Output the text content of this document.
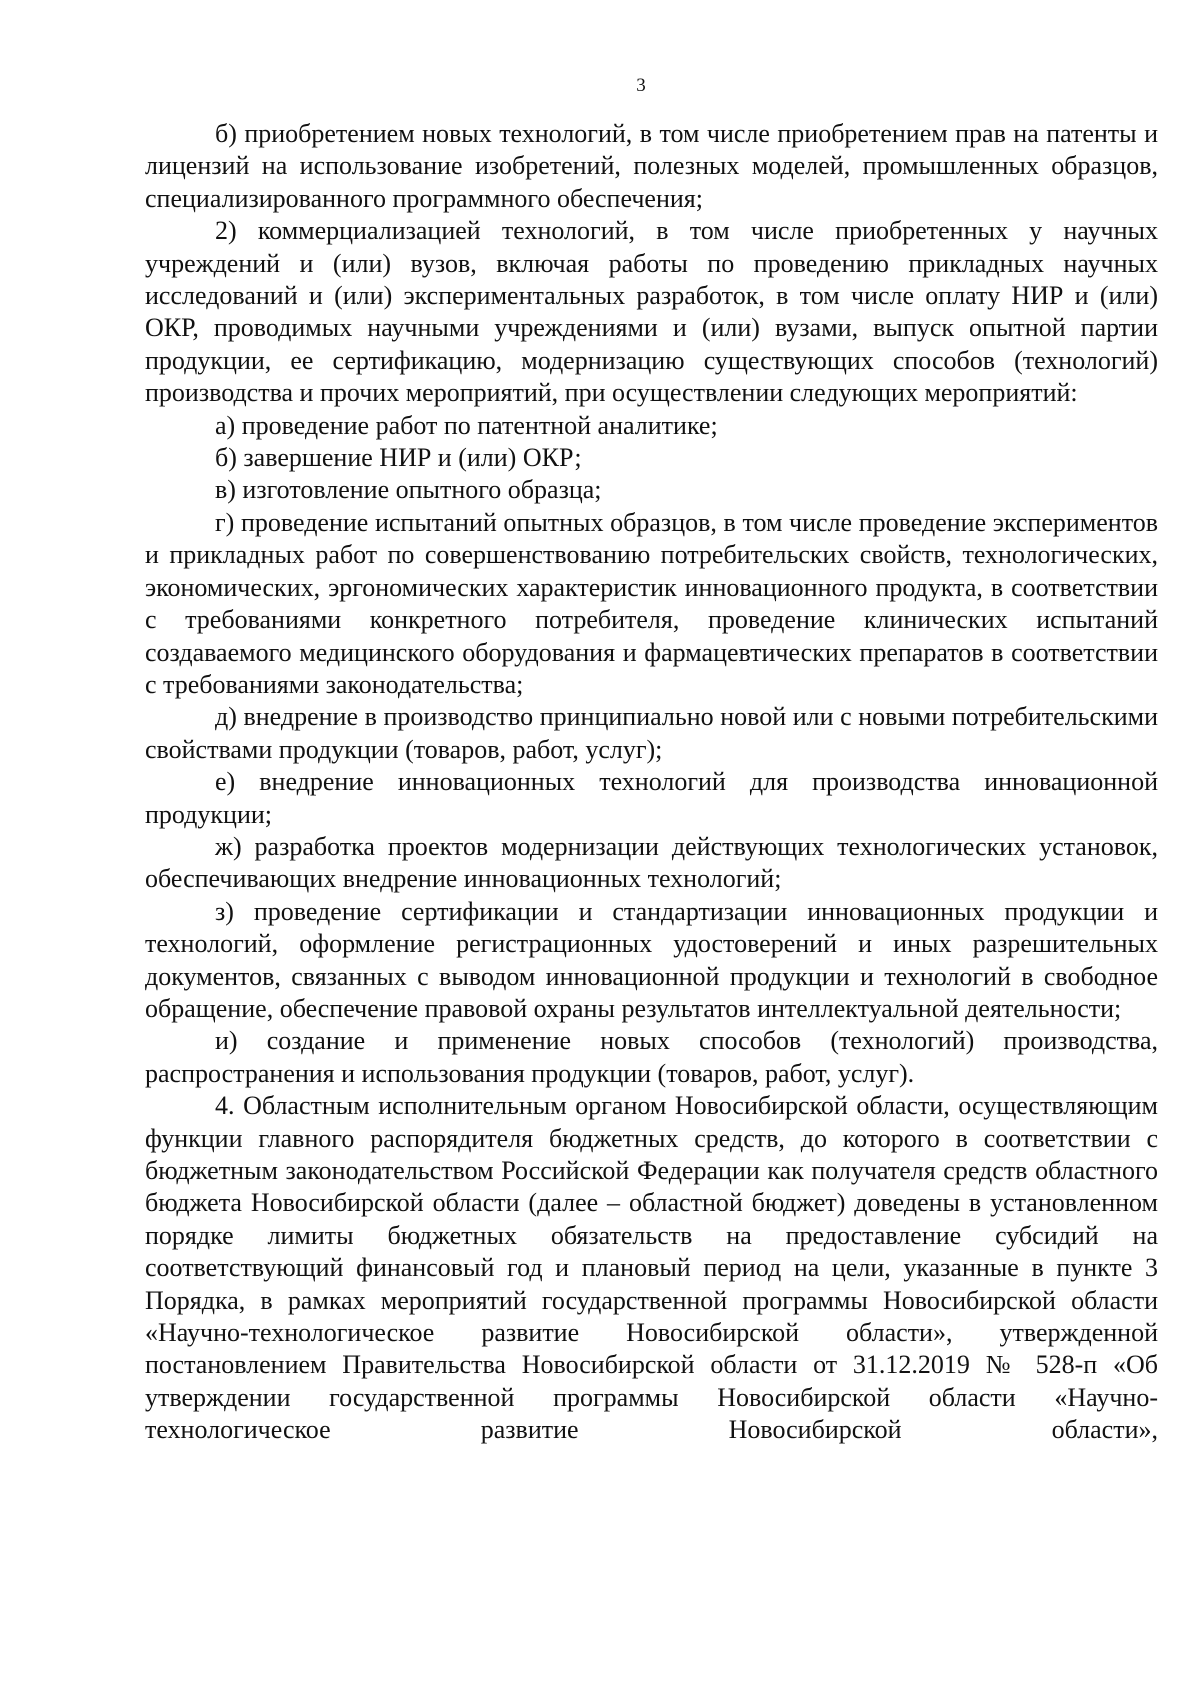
3

б) приобретением новых технологий, в том числе приобретением прав на патенты и лицензий на использование изобретений, полезных моделей, промышленных образцов, специализированного программного обеспечения;

2) коммерциализацией технологий, в том числе приобретенных у научных учреждений и (или) вузов, включая работы по проведению прикладных научных исследований и (или) экспериментальных разработок, в том числе оплату НИР и (или) ОКР, проводимых научными учреждениями и (или) вузами, выпуск опытной партии продукции, ее сертификацию, модернизацию существующих способов (технологий) производства и прочих мероприятий, при осуществлении следующих мероприятий:

а) проведение работ по патентной аналитике;

б) завершение НИР и (или) ОКР;

в) изготовление опытного образца;

г) проведение испытаний опытных образцов, в том числе проведение экспериментов и прикладных работ по совершенствованию потребительских свойств, технологических, экономических, эргономических характеристик инновационного продукта, в соответствии с требованиями конкретного потребителя, проведение клинических испытаний создаваемого медицинского оборудования и фармацевтических препаратов в соответствии с требованиями законодательства;

д) внедрение в производство принципиально новой или с новыми потребительскими свойствами продукции (товаров, работ, услуг);

е) внедрение инновационных технологий для производства инновационной продукции;

ж) разработка проектов модернизации действующих технологических установок, обеспечивающих внедрение инновационных технологий;

з) проведение сертификации и стандартизации инновационных продукции и технологий, оформление регистрационных удостоверений и иных разрешительных документов, связанных с выводом инновационной продукции и технологий в свободное обращение, обеспечение правовой охраны результатов интеллектуальной деятельности;

и) создание и применение новых способов (технологий) производства, распространения и использования продукции (товаров, работ, услуг).

4. Областным исполнительным органом Новосибирской области, осуществляющим функции главного распорядителя бюджетных средств, до которого в соответствии с бюджетным законодательством Российской Федерации как получателя средств областного бюджета Новосибирской области (далее – областной бюджет) доведены в установленном порядке лимиты бюджетных обязательств на предоставление субсидий на соответствующий финансовый год и плановый период на цели, указанные в пункте 3 Порядка, в рамках мероприятий государственной программы Новосибирской области «Научно-технологическое развитие Новосибирской области», утвержденной постановлением Правительства Новосибирской области от 31.12.2019 № 528-п «Об утверждении государственной программы Новосибирской области «Научно-технологическое развитие Новосибирской области»,
